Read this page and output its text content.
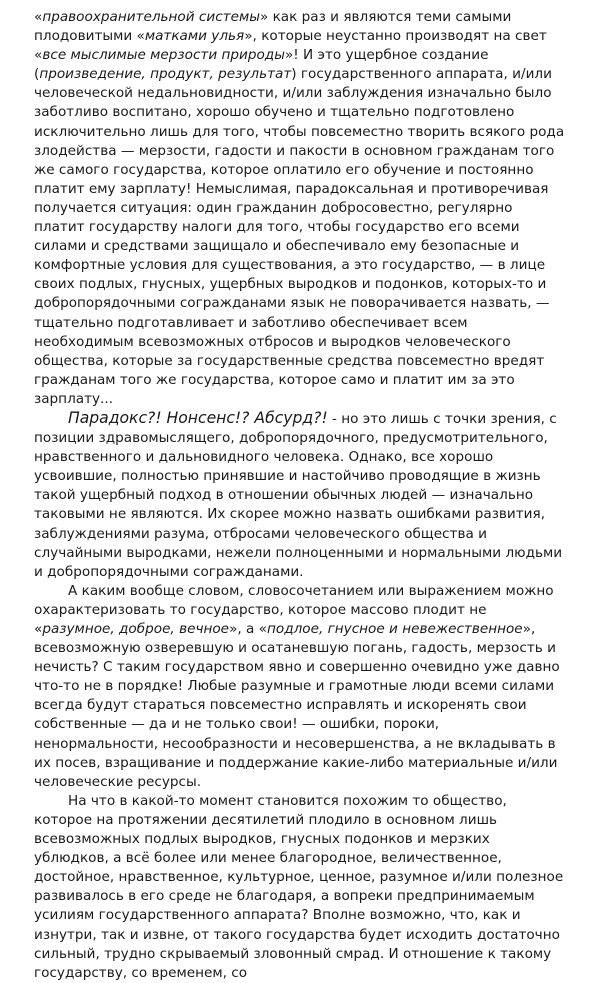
«правоохранительной системы» как раз и являются теми самыми плодовитыми «матками улья», которые неустанно производят на свет «все мыслимые мерзости природы»! И это ущербное создание (произведение, продукт, результат) государственного аппарата, и/или человеческой недальновидности, и/или заблуждения изначально было заботливо воспитано, хорошо обучено и тщательно подготовлено исключительно лишь для того, чтобы повсеместно творить всякого рода злодейства — мерзости, гадости и пакости в основном гражданам того же самого государства, которое оплатило его обучение и постоянно платит ему зарплату! Немыслимая, парадоксальная и противоречивая получается ситуация: один гражданин добросовестно, регулярно платит государству налоги для того, чтобы государство его всеми силами и средствами защищало и обеспечивало ему безопасные и комфортные условия для существования, а это государство, — в лице своих подлых, гнусных, ущербных выродков и подонков, которых-то и добропорядочными согражданами язык не поворачивается назвать, — тщательно подготавливает и заботливо обеспечивает всем необходимым всевозможных отбросов и выродков человеческого общества, которые за государственные средства повсеместно вредят гражданам того же государства, которое само и платит им за это зарплату...

Парадокс?! Нонсенс!? Абсурд?! - но это лишь с точки зрения, с позиции здравомыслящего, добропорядочного, предусмотрительного, нравственного и дальновидного человека. Однако, все хорошо усвоившие, полностью принявшие и настойчиво проводящие в жизнь такой ущербный подход в отношении обычных людей — изначально таковыми не являются. Их скорее можно назвать ошибками развития, заблуждениями разума, отбросами человеческого общества и случайными выродками, нежели полноценными и нормальными людьми и добропорядочными согражданами.

А каким вообще словом, словосочетанием или выражением можно охарактеризовать то государство, которое массово плодит не «разумное, доброе, вечное», а «подлое, гнусное и невежественное», всевозможную озверевшую и осатаневшую погань, гадость, мерзость и нечисть? С таким государством явно и совершенно очевидно уже давно что-то не в порядке! Любые разумные и грамотные люди всеми силами всегда будут стараться повсеместно исправлять и искоренять свои собственные — да и не только свои! — ошибки, пороки, ненормальности, несообразности и несовершенства, а не вкладывать в их посев, взращивание и поддержание какие-либо материальные и/или человеческие ресурсы.

На что в какой-то момент становится похожим то общество, которое на протяжении десятилетий плодило в основном лишь всевозможных подлых выродков, гнусных подонков и мерзких ублюдков, а всё более или менее благородное, величественное, достойное, нравственное, культурное, ценное, разумное и/или полезное развивалось в его среде не благодаря, а вопреки предпринимаемым усилиям государственного аппарата? Вполне возможно, что, как и изнутри, так и извне, от такого государства будет исходить достаточно сильный, трудно скрываемый зловонный смрад. И отношение к такому государству, со временем, со
